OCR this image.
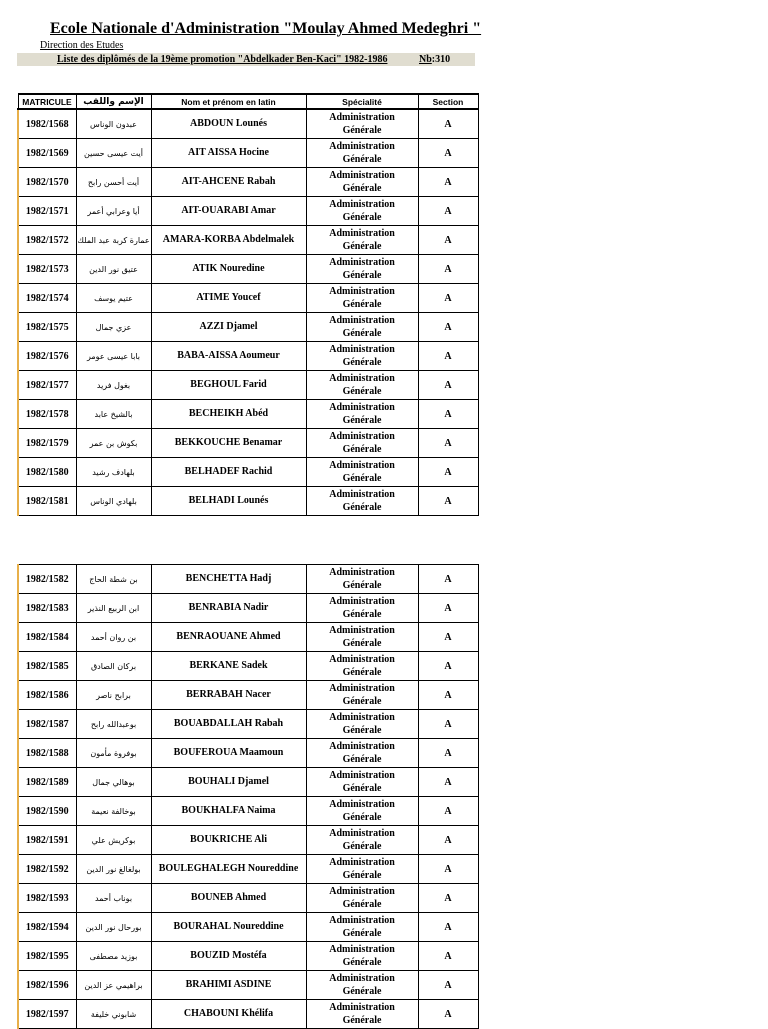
Ecole Nationale d'Administration "Moulay Ahmed Medeghri "
Direction des Etudes
Liste des diplômés de la 19ème promotion "Abdelkader Ben-Kaci" 1982-1986	Nb:310
MATRICULE	الإسم واللقب	Nom et prénom en latin	Spécialité	Section
1982/1568	عبدون الوناس	ABDOUN Lounés	Administration
Générale	A
1982/1569	أيت عيسى حسين	AIT AISSA Hocine	Administration
Générale	A
1982/1570	أيت أحسن رابح	AIT-AHCENE Rabah	Administration
Générale	A
1982/1571	أيا وعرابي أعمر	AIT-OUARABI Amar	Administration
Générale	A
1982/1572	عمارة كربة عبد الملك	AMARA-KORBA Abdelmalek	Administration
Générale	A
1982/1573	عتيق نور الدين	ATIK Nouredine	Administration
Générale	A
1982/1574	عتيم يوسف	ATIME Youcef	Administration
Générale	A
1982/1575	عزي جمال	AZZI Djamel	Administration
Générale	A
1982/1576	بابا عيسى عومر	BABA-AISSA Aoumeur	Administration
Générale	A
1982/1577	بغول فريد	BEGHOUL Farid	Administration
Générale	A
1982/1578	بالشيخ عابد	BECHEIKH Abéd	Administration
Générale	A
1982/1579	بكوش بن عمر	BEKKOUCHE Benamar	Administration
Générale	A
1982/1580	بلهادف رشيد	BELHADEF Rachid	Administration
Générale	A
1982/1581	بلهادي الوناس	BELHADI Lounés	Administration
Générale	A
1982/1582	بن شطة الحاج	BENCHETTA Hadj	Administration
Générale	A
1982/1583	ابن الربيع النذير	BENRABIA Nadir	Administration
Générale	A
1982/1584	بن روان أحمد	BENRAOUANE Ahmed	Administration
Générale	A
1982/1585	بركان الصادق	BERKANE Sadek	Administration
Générale	A
1982/1586	برابح ناصر	BERRABAH Nacer	Administration
Générale	A
1982/1587	بوعبدالله رابح	BOUABDALLAH Rabah	Administration
Générale	A
1982/1588	بوفروة مأمون	BOUFEROUA Maamoun	Administration
Générale	A
1982/1589	بوهالي جمال	BOUHALI Djamel	Administration
Générale	A
1982/1590	بوخالفة نعيمة	BOUKHALFA Naima	Administration
Générale	A
1982/1591	بوكريش علي	BOUKRICHE Ali	Administration
Générale	A
1982/1592	بولغالغ نور الدين	BOULEGHALEGH Noureddine	Administration
Générale	A
1982/1593	بوناب أحمد	BOUNEB Ahmed	Administration
Générale	A
1982/1594	بورحال نور الدين	BOURAHAL Noureddine	Administration
Générale	A
1982/1595	بوزيد مصطفى	BOUZID Mostéfa	Administration
Générale	A
1982/1596	براهيمي عز الدين	BRAHIMI ASDINE	Administration
Générale	A
1982/1597	شابوني خليفة	CHABOUNI Khélifa	Administration
Générale	A
